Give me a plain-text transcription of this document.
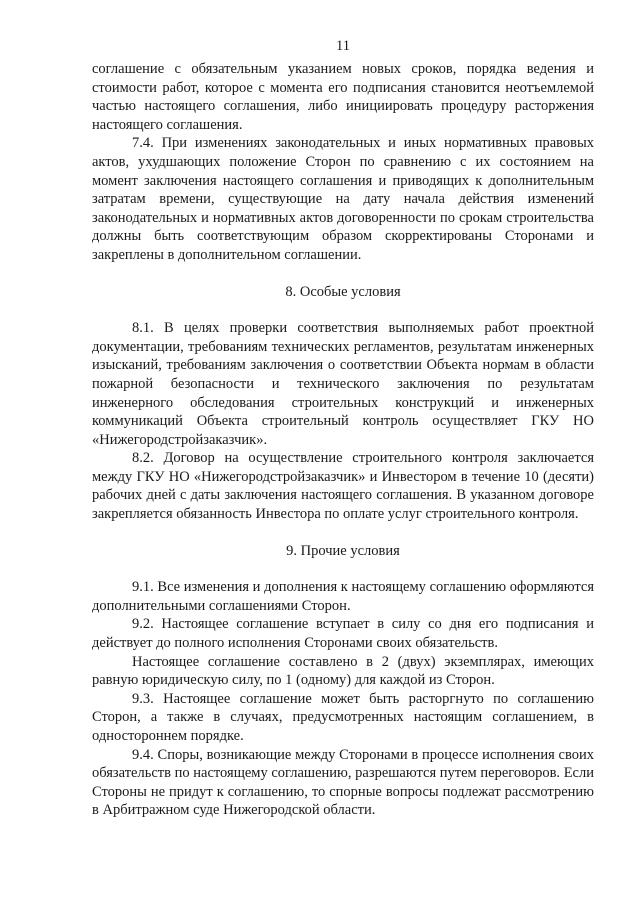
11

соглашение с обязательным указанием новых сроков, порядка ведения и стоимости работ, которое с момента его подписания становится неотъемлемой частью настоящего соглашения, либо инициировать процедуру расторжения настоящего соглашения.

7.4. При изменениях законодательных и иных нормативных правовых актов, ухудшающих положение Сторон по сравнению с их состоянием на момент заключения настоящего соглашения и приводящих к дополнительным затратам времени, существующие на дату начала действия изменений законодательных и нормативных актов договоренности по срокам строительства должны быть соответствующим образом скорректированы Сторонами и закреплены в дополнительном соглашении.

8. Особые условия

8.1. В целях проверки соответствия выполняемых работ проектной документации, требованиям технических регламентов, результатам инженерных изысканий, требованиям заключения о соответствии Объекта нормам в области пожарной безопасности и технического заключения по результатам инженерного обследования строительных конструкций и инженерных коммуникаций Объекта строительный контроль осуществляет ГКУ НО «Нижегородстройзаказчик».

8.2. Договор на осуществление строительного контроля заключается между ГКУ НО «Нижегородстройзаказчик» и Инвестором в течение 10 (десяти) рабочих дней с даты заключения настоящего соглашения. В указанном договоре закрепляется обязанность Инвестора по оплате услуг строительного контроля.

9. Прочие условия

9.1. Все изменения и дополнения к настоящему соглашению оформляются дополнительными соглашениями Сторон.

9.2. Настоящее соглашение вступает в силу со дня его подписания и действует до полного исполнения Сторонами своих обязательств.

Настоящее соглашение составлено в 2 (двух) экземплярах, имеющих равную юридическую силу, по 1 (одному) для каждой из Сторон.

9.3. Настоящее соглашение может быть расторгнуто по соглашению Сторон, а также в случаях, предусмотренных настоящим соглашением, в одностороннем порядке.

9.4. Споры, возникающие между Сторонами в процессе исполнения своих обязательств по настоящему соглашению, разрешаются путем переговоров. Если Стороны не придут к соглашению, то спорные вопросы подлежат рассмотрению в Арбитражном суде Нижегородской области.
